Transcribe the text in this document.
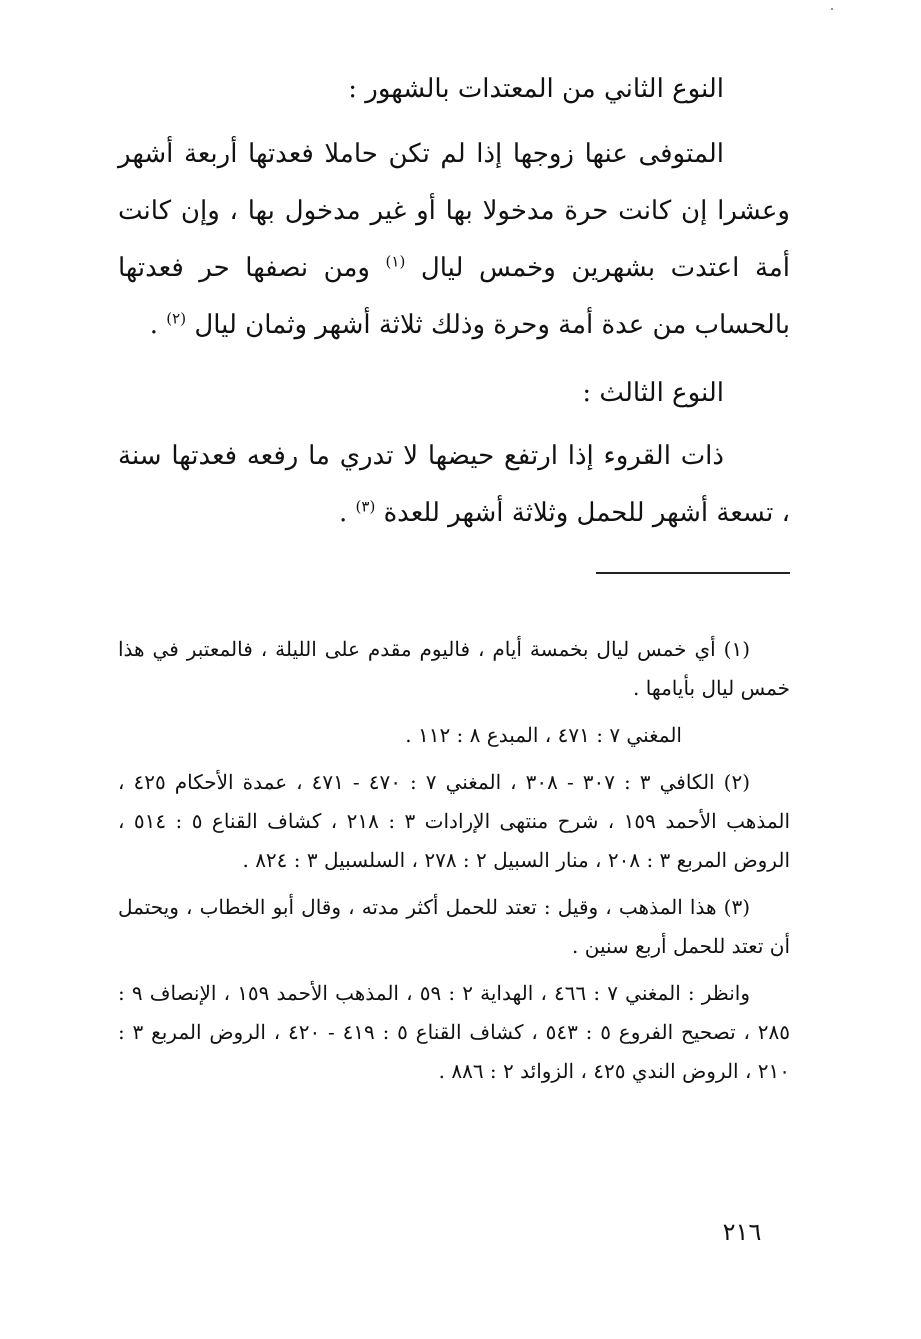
النوع الثاني من المعتدات بالشهور :

المتوفى عنها زوجها إذا لم تكن حاملا فعدتها أربعة أشهر وعشرا إن كانت حرة مدخولا بها أو غير مدخول بها ، وإن كانت أمة اعتدت بشهرين وخمس ليال $^{(١)}$ ومن نصفها حر فعدتها بالحساب من عدة أمة وحرة وذلك ثلاثة أشهر وثمان ليال $^{(٢)}$ .

النوع الثالث :

ذات القروء إذا ارتفع حيضها لا تدري ما رفعه فعدتها سنة ، تسعة أشهر للحمل وثلاثة أشهر للعدة $^{(٣)}$ .

(١) أي خمس ليال بخمسة أيام ، فاليوم مقدم على الليلة ، فالمعتبر في هذا خمس ليال بأيامها .

المغني ٧ : ٤٧١ ، المبدع ٨ : ١١٢ .

(٢) الكافي ٣ : ٣٠٧ - ٣٠٨ ، المغني ٧ : ٤٧٠ - ٤٧١ ، عمدة الأحكام ٤٢٥ ، المذهب الأحمد ١٥٩ ، شرح منتهى الإرادات ٣ : ٢١٨ ، كشاف القناع ٥ : ٥١٤ ، الروض المربع ٣ : ٢٠٨ ، منار السبيل ٢ : ٢٧٨ ، السلسبيل ٣ : ٨٢٤ .

(٣) هذا المذهب ، وقيل : تعتد للحمل أكثر مدته ، وقال أبو الخطاب ، ويحتمل أن تعتد للحمل أربع سنين .

وانظر : المغني ٧ : ٤٦٦ ، الهداية ٢ : ٥٩ ، المذهب الأحمد ١٥٩ ، الإنصاف ٩ : ٢٨٥ ، تصحيح الفروع ٥ : ٥٤٣ ، كشاف القناع ٥ : ٤١٩ - ٤٢٠ ، الروض المربع ٣ : ٢١٠ ، الروض الندي ٤٢٥ ، الزوائد ٢ : ٨٨٦ .

٢١٦
